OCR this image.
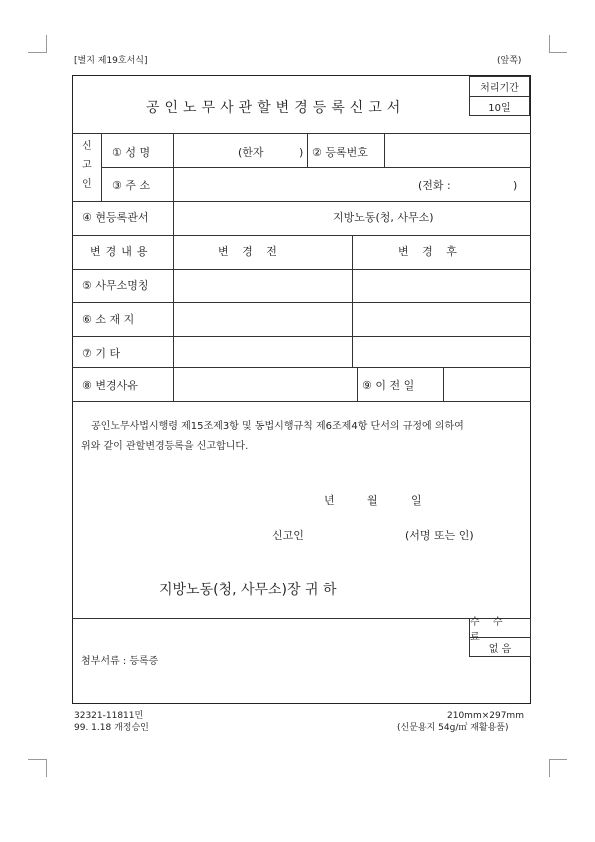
[별지 제19호서식]	(앞쪽)
공인노무사관할변경등록신고서
처리기간
10일
신
고
인
① 성 명	(한자	) ② 등록번호
③ 주 소	(전화 :	)
④ 현등록관서	지방노동(청, 사무소)
변경내용	변 경 전	변 경 후
⑤ 사무소명칭
⑥ 소 재 지
⑦ 기 타
⑧ 변경사유	⑨ 이 전 일
공인노무사법시행령 제15조제3항 및 동법시행규칙 제6조제4항 단서의 규정에 의하여
위와 같이 관할변경등록을 신고합니다.
년	월	일
신고인	(서명 또는 인)
지방노동(청, 사무소)장 귀 하
수 수 료
없 음
첨부서류 : 등록증
32321-11811민
99. 1.18 개정승인
210mm×297mm
(신문용지 54g/㎡ 재활용품)
